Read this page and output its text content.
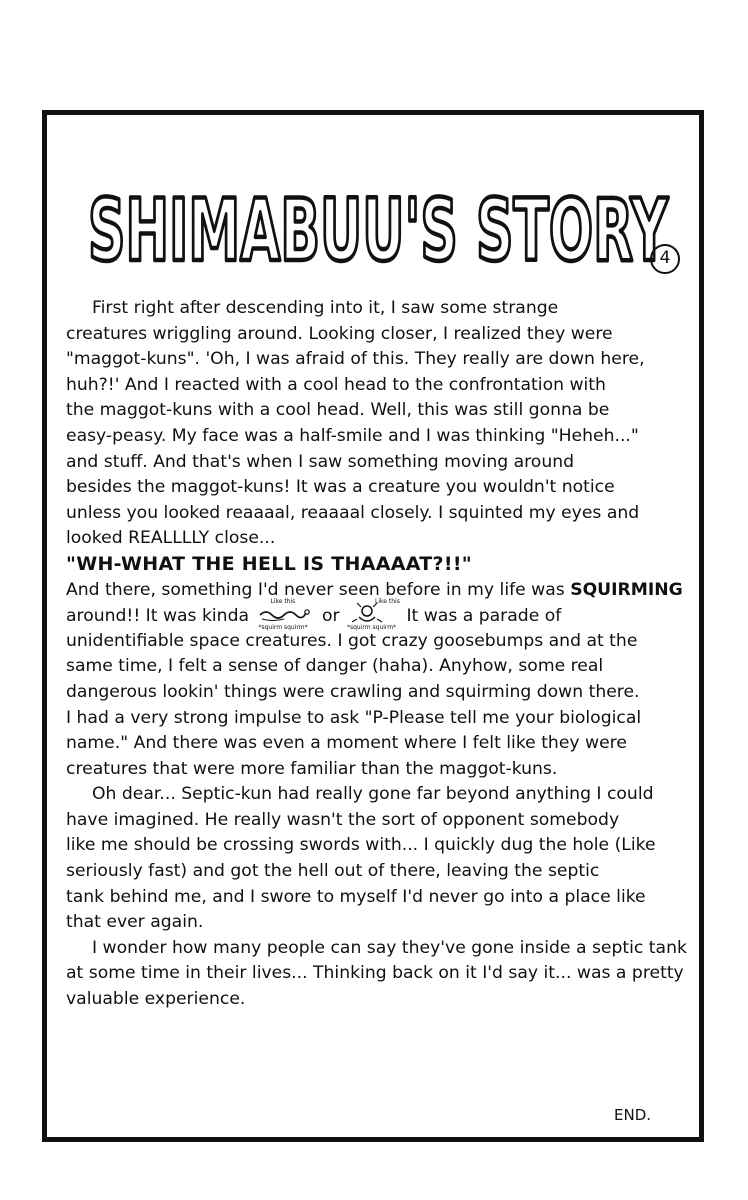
SHIMABUU'S STORY
4
First right after descending into it, I saw some strange
creatures wriggling around. Looking closer, I realized they were
"maggot-kuns". 'Oh, I was afraid of this. They really are down here,
huh?!' And I reacted with a cool head to the confrontation with
the maggot-kuns with a cool head. Well, this was still gonna be
easy-peasy. My face was a half-smile and I was thinking "Heheh..."
and stuff. And that's when I saw something moving around
besides the maggot-kuns! It was a creature you wouldn't notice
unless you looked reaaaal, reaaaal closely. I squinted my eyes and
looked REALLLLY close...
"WH-WHAT THE HELL IS THAAAAT?!!"
And there, something I'd never seen before in my life was SQUIRMING
around!! It was kinda
Like this
*squirm squirm*
or
Like this
*squirm squirm*
It was a parade of
unidentifiable space creatures. I got crazy goosebumps and at the
same time, I felt a sense of danger (haha). Anyhow, some real
dangerous lookin' things were crawling and squirming down there.
I had a very strong impulse to ask "P-Please tell me your biological
name." And there was even a moment where I felt like they were
creatures that were more familiar than the maggot-kuns.
Oh dear... Septic-kun had really gone far beyond anything I could
have imagined. He really wasn't the sort of opponent somebody
like me should be crossing swords with... I quickly dug the hole (Like
seriously fast) and got the hell out of there, leaving the septic
tank behind me, and I swore to myself I'd never go into a place like
that ever again.
I wonder how many people can say they've gone inside a septic tank
at some time in their lives... Thinking back on it I'd say it... was a pretty
valuable experience.
END.
